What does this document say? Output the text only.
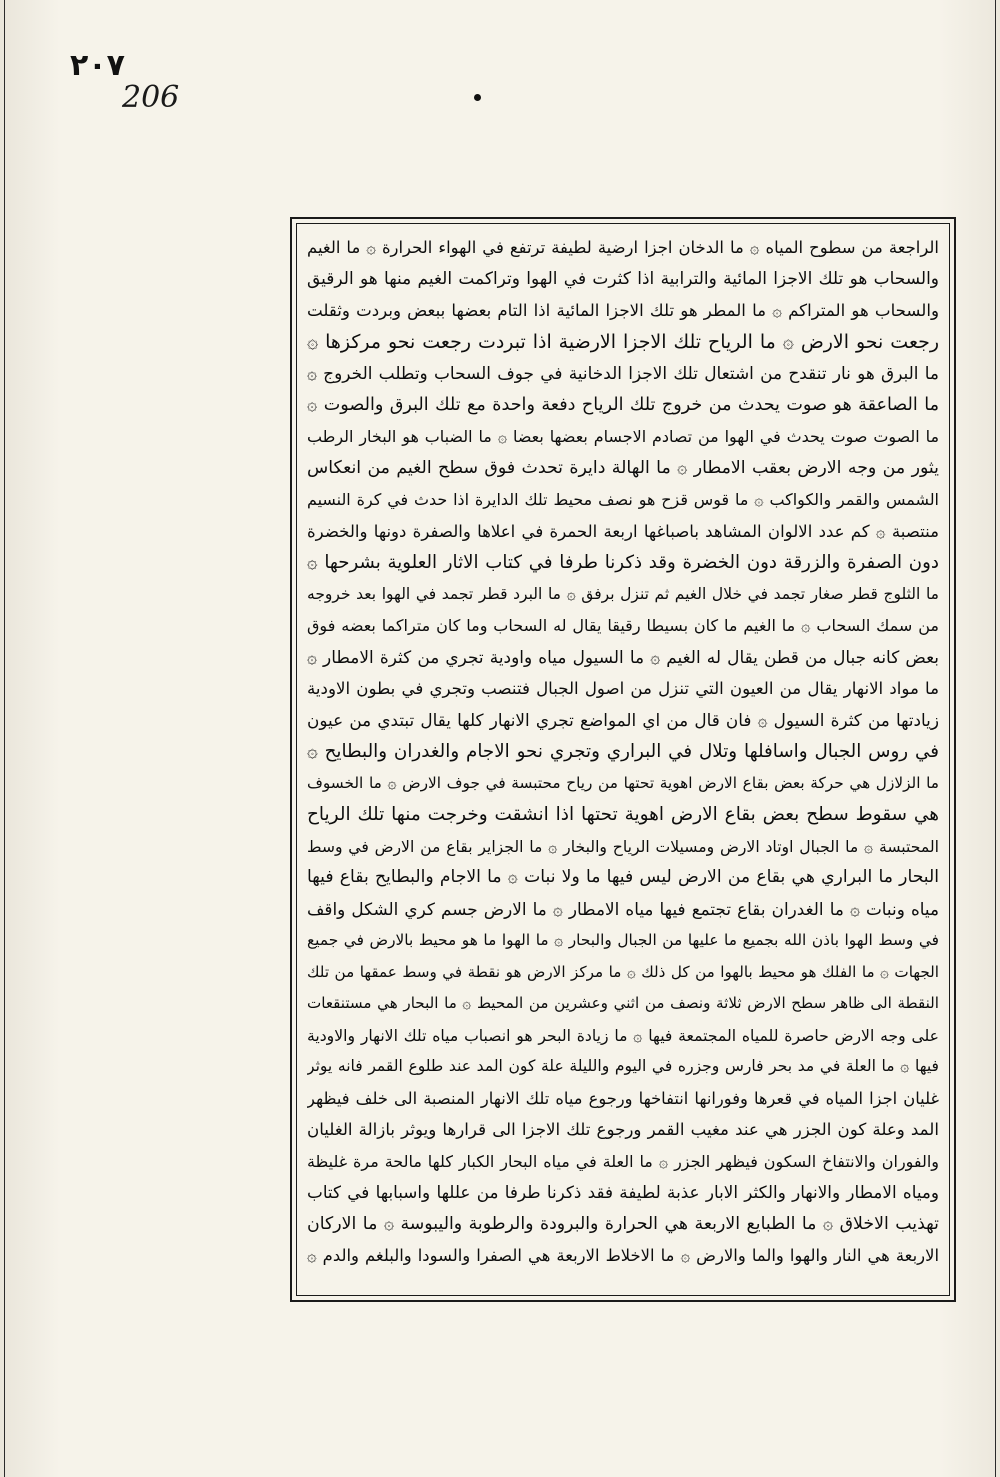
٢٠٧
206
الراجعة من سطوح المياه ۞ ما الدخان اجزا ارضية لطيفة ترتفع في الهواء الحرارة ۞ ما الغيم
والسحاب هو تلك الاجزا المائية والترابية اذا كثرت في الهوا وتراكمت الغيم منها هو الرقيق
والسحاب هو المتراكم ۞ ما المطر هو تلك الاجزا المائية اذا التام بعضها ببعض وبردت وثقلت
رجعت نحو الارض ۞ ما الرياح تلك الاجزا الارضية اذا تبردت رجعت نحو مركزها ۞
ما البرق هو نار تنقدح من اشتعال تلك الاجزا الدخانية في جوف السحاب وتطلب الخروج ۞
ما الصاعقة هو صوت يحدث من خروج تلك الرياح دفعة واحدة مع تلك البرق والصوت ۞
ما الصوت صوت يحدث في الهوا من تصادم الاجسام بعضها بعضا ۞ ما الضباب هو البخار الرطب
يثور من وجه الارض بعقب الامطار ۞ ما الهالة دايرة تحدث فوق سطح الغيم من انعكاس
الشمس والقمر والكواكب ۞ ما قوس قزح هو نصف محيط تلك الدايرة اذا حدث في كرة النسيم
منتصبة ۞ كم عدد الالوان المشاهد باصباغها اربعة الحمرة في اعلاها والصفرة دونها والخضرة
دون الصفرة والزرقة دون الخضرة وقد ذكرنا طرفا في كتاب الاثار العلوية بشرحها ۞
ما الثلوج قطر صغار تجمد في خلال الغيم ثم تنزل برفق ۞ ما البرد قطر تجمد في الهوا بعد خروجه
من سمك السحاب ۞ ما الغيم ما كان بسيطا رقيقا يقال له السحاب وما كان متراكما بعضه فوق
بعض كانه جبال من قطن يقال له الغيم ۞ ما السيول مياه واودية تجري من كثرة الامطار ۞
ما مواد الانهار يقال من العيون التي تنزل من اصول الجبال فتنصب وتجري في بطون الاودية
زيادتها من كثرة السيول ۞ فان قال من اي المواضع تجري الانهار كلها يقال تبتدي من عيون
في روس الجبال واسافلها وتلال في البراري وتجري نحو الاجام والغدران والبطايح ۞
ما الزلازل هي حركة بعض بقاع الارض اهوية تحتها من رياح محتبسة في جوف الارض ۞ ما الخسوف
هي سقوط سطح بعض بقاع الارض اهوية تحتها اذا انشقت وخرجت منها تلك الرياح
المحتبسة ۞ ما الجبال اوتاد الارض ومسيلات الرياح والبخار ۞ ما الجزاير بقاع من الارض في وسط
البحار ما البراري هي بقاع من الارض ليس فيها ما ولا نبات ۞ ما الاجام والبطايح بقاع فيها
مياه ونبات ۞ ما الغدران بقاع تجتمع فيها مياه الامطار ۞ ما الارض جسم كري الشكل واقف
في وسط الهوا باذن الله بجميع ما عليها من الجبال والبحار ۞ ما الهوا ما هو محيط بالارض في جميع
الجهات ۞ ما الفلك هو محيط بالهوا من كل ذلك ۞ ما مركز الارض هو نقطة في وسط عمقها من تلك
النقطة الى ظاهر سطح الارض ثلاثة ونصف من اثني وعشرين من المحيط ۞ ما البحار هي مستنقعات
على وجه الارض حاصرة للمياه المجتمعة فيها ۞ ما زيادة البحر هو انصباب مياه تلك الانهار والاودية
فيها ۞ ما العلة في مد بحر فارس وجزره في اليوم والليلة علة كون المد عند طلوع القمر فانه يوثر
غليان اجزا المياه في قعرها وفورانها انتفاخها ورجوع مياه تلك الانهار المنصبة الى خلف فيظهر
المد وعلة كون الجزر هي عند مغيب القمر ورجوع تلك الاجزا الى قرارها ويوثر بازالة الغليان
والفوران والانتفاخ السكون فيظهر الجزر ۞ ما العلة في مياه البحار الكبار كلها مالحة مرة غليظة
ومياه الامطار والانهار والكثر الابار عذبة لطيفة فقد ذكرنا طرفا من عللها واسبابها في كتاب
تهذيب الاخلاق ۞ ما الطبايع الاربعة هي الحرارة والبرودة والرطوبة واليبوسة ۞ ما الاركان
الاربعة هي النار والهوا والما والارض ۞ ما الاخلاط الاربعة هي الصفرا والسودا والبلغم والدم ۞
